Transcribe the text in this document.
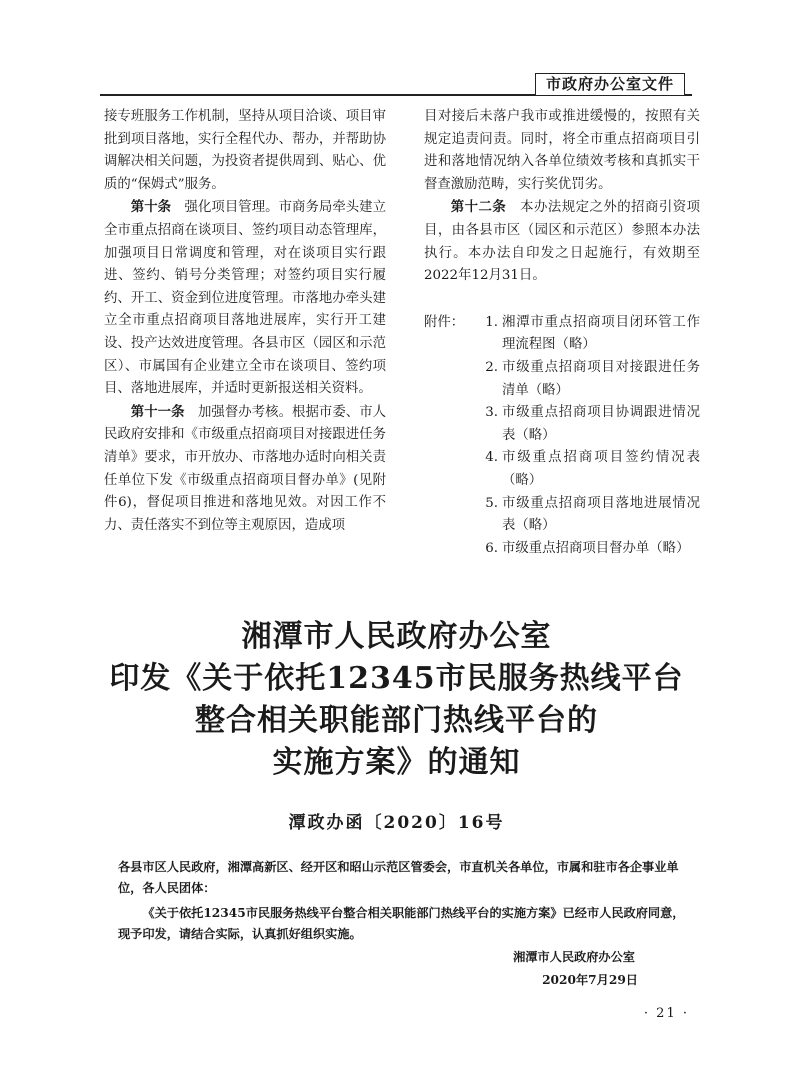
市政府办公室文件

接专班服务工作机制，坚持从项目洽谈、项目审批到项目落地，实行全程代办、帮办，并帮助协调解决相关问题，为投资者提供周到、贴心、优质的“保姆式”服务。

第十条　强化项目管理。市商务局牵头建立全市重点招商在谈项目、签约项目动态管理库，加强项目日常调度和管理，对在谈项目实行跟进、签约、销号分类管理；对签约项目实行履约、开工、资金到位进度管理。市落地办牵头建立全市重点招商项目落地进展库，实行开工建设、投产达效进度管理。各县市区（园区和示范区）、市属国有企业建立全市在谈项目、签约项目、落地进展库，并适时更新报送相关资料。

第十一条　加强督办考核。根据市委、市人民政府安排和《市级重点招商项目对接跟进任务清单》要求，市开放办、市落地办适时向相关责任单位下发《市级重点招商项目督办单》(见附件6)，督促项目推进和落地见效。对因工作不力、责任落实不到位等主观原因，造成项

目对接后未落户我市或推进缓慢的，按照有关规定追责问责。同时，将全市重点招商项目引进和落地情况纳入各单位绩效考核和真抓实干督查激励范畴，实行奖优罚劣。

第十二条　本办法规定之外的招商引资项目，由各县市区（园区和示范区）参照本办法执行。本办法自印发之日起施行，有效期至2022年12月31日。

附件：	1. 湘潭市重点招商项目闭环管工作理流程图（略）
2. 市级重点招商项目对接跟进任务清单（略）
3. 市级重点招商项目协调跟进情况表（略）
4. 市级重点招商项目签约情况表（略）
5. 市级重点招商项目落地进展情况表（略）
6. 市级重点招商项目督办单（略）
湘潭市人民政府办公室
印发《关于依托12345市民服务热线平台
整合相关职能部门热线平台的
实施方案》的通知
潭政办函〔2020〕16号
各县市区人民政府，湘潭高新区、经开区和昭山示范区管委会，市直机关各单位，市属和驻市各企事业单位，各人民团体：
《关于依托12345市民服务热线平台整合相关职能部门热线平台的实施方案》已经市人民政府同意，现予印发，请结合实际，认真抓好组织实施。
湘潭市人民政府办公室
2020年7月29日
· 21 ·
